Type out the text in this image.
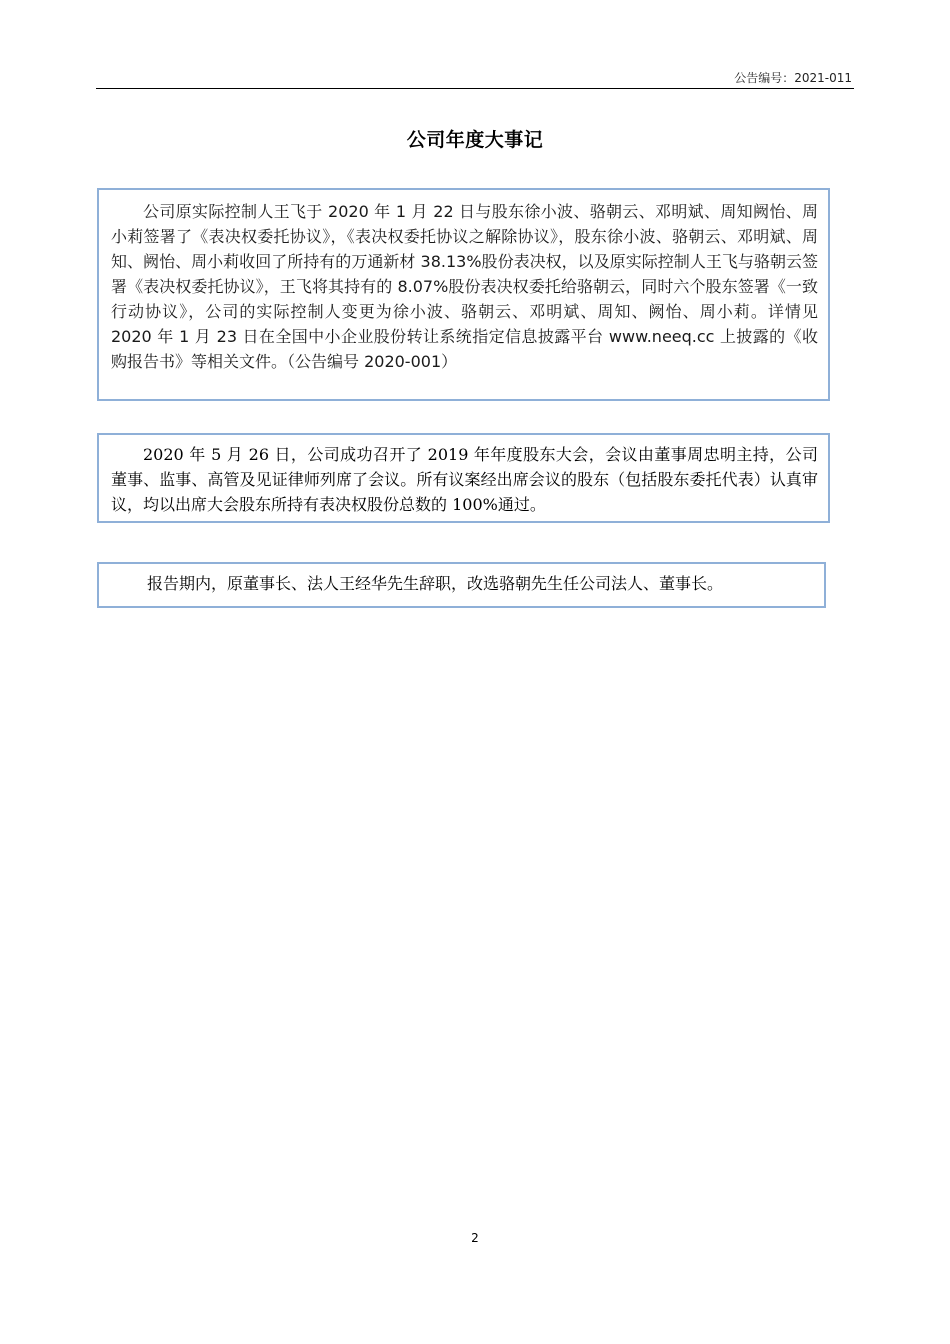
公告编号：2021-011
公司年度大事记

公司原实际控制人王飞于 2020 年 1 月 22 日与股东徐小波、骆朝云、邓明斌、周知阙怡、周小莉签署了《表决权委托协议》，《表决权委托协议之解除协议》，股东徐小波、骆朝云、邓明斌、周知、阙怡、周小莉收回了所持有的万通新材 38.13%股份表决权，以及原实际控制人王飞与骆朝云签署《表决权委托协议》，王飞将其持有的 8.07%股份表决权委托给骆朝云，同时六个股东签署《一致行动协议》，公司的实际控制人变更为徐小波、骆朝云、邓明斌、周知、阙怡、周小莉。详情见 2020 年 1 月 23 日在全国中小企业股份转让系统指定信息披露平台 www.neeq.cc 上披露的《收购报告书》等相关文件。（公告编号 2020-001）

2020 年 5 月 26 日，公司成功召开了 2019 年年度股东大会，会议由董事周忠明主持，公司董事、监事、高管及见证律师列席了会议。所有议案经出席会议的股东（包括股东委托代表）认真审议，均以出席大会股东所持有表决权股份总数的 100%通过。

报告期内，原董事长、法人王经华先生辞职，改选骆朝先生任公司法人、董事长。

2
